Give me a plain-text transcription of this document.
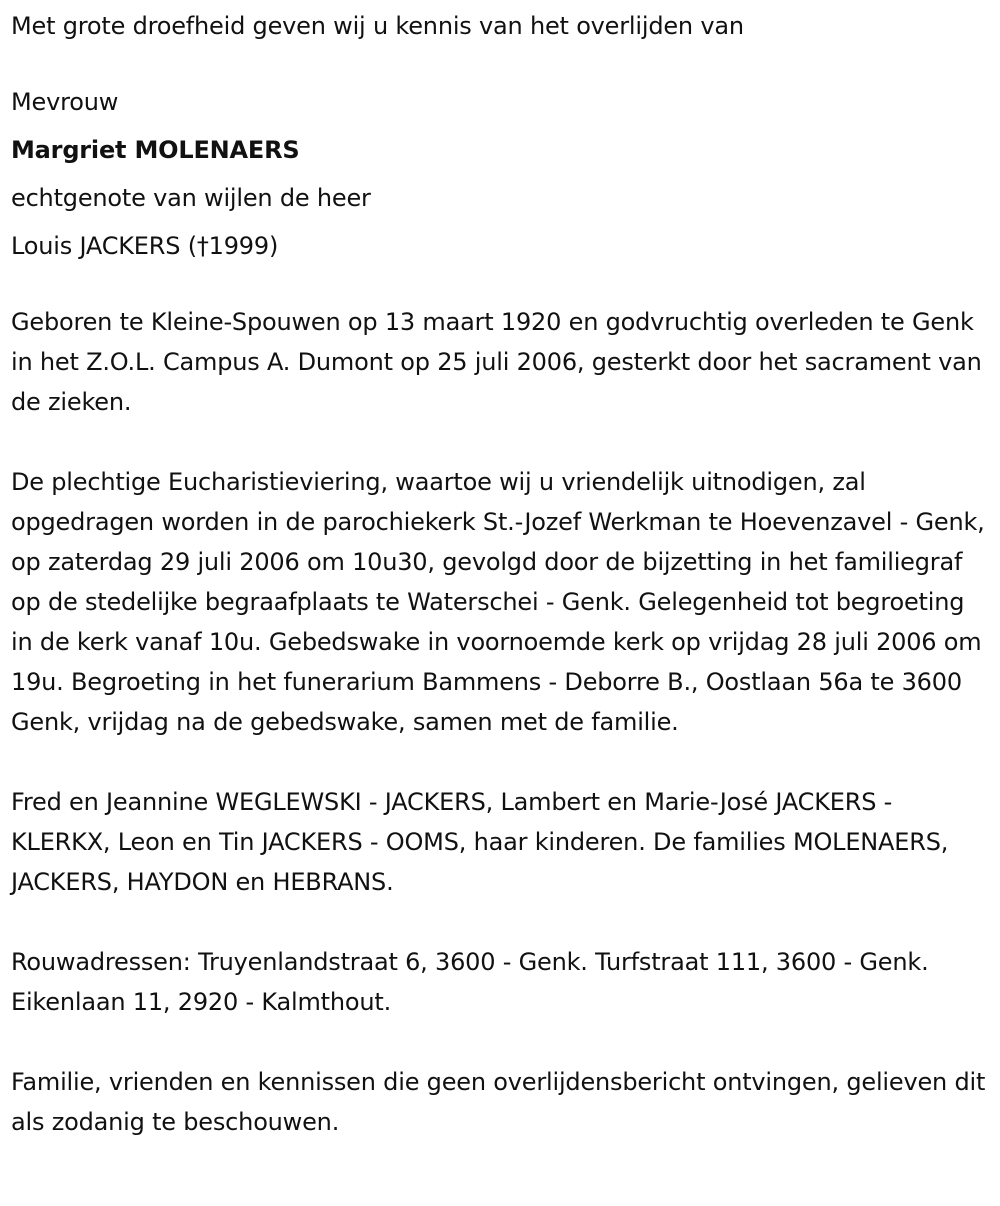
Met grote droefheid geven wij u kennis van het overlijden van

Mevrouw

Margriet MOLENAERS

echtgenote van wijlen de heer

Louis JACKERS (†1999)

Geboren te Kleine-Spouwen op 13 maart 1920 en godvruchtig overleden te Genk in het Z.O.L. Campus A. Dumont op 25 juli 2006, gesterkt door het sacrament van de zieken.

De plechtige Eucharistieviering, waartoe wij u vriendelijk uitnodigen, zal opgedragen worden in de parochiekerk St.-Jozef Werkman te Hoevenzavel - Genk, op zaterdag 29 juli 2006 om 10u30, gevolgd door de bijzetting in het familiegraf op de stedelijke begraafplaats te Waterschei - Genk. Gelegenheid tot begroeting in de kerk vanaf 10u. Gebedswake in voornoemde kerk op vrijdag 28 juli 2006 om 19u. Begroeting in het funerarium Bammens - Deborre B., Oostlaan 56a te 3600 Genk, vrijdag na de gebedswake, samen met de familie.

Fred en Jeannine WEGLEWSKI - JACKERS, Lambert en Marie-José JACKERS - KLERKX, Leon en Tin JACKERS - OOMS, haar kinderen. De families MOLENAERS, JACKERS, HAYDON en HEBRANS.

Rouwadressen: Truyenlandstraat 6, 3600 - Genk. Turfstraat 111, 3600 - Genk. Eikenlaan 11, 2920 - Kalmthout.

Familie, vrienden en kennissen die geen overlijdensbericht ontvingen, gelieven dit als zodanig te beschouwen.
